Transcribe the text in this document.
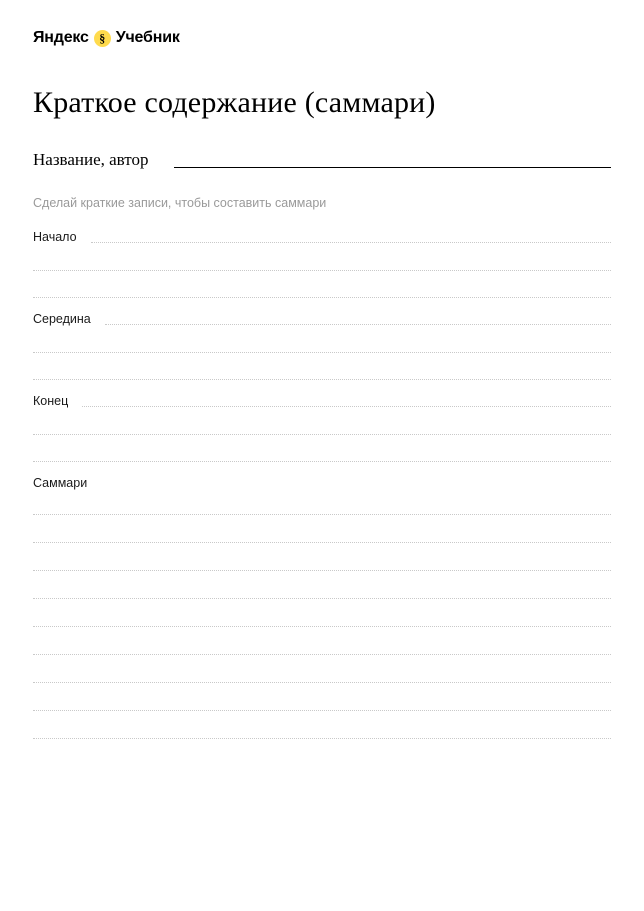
Яндекс § Учебник
Краткое содержание (саммари)
Название, автор
Сделай краткие записи, чтобы составить саммари
Начало
Середина
Конец
Саммари
